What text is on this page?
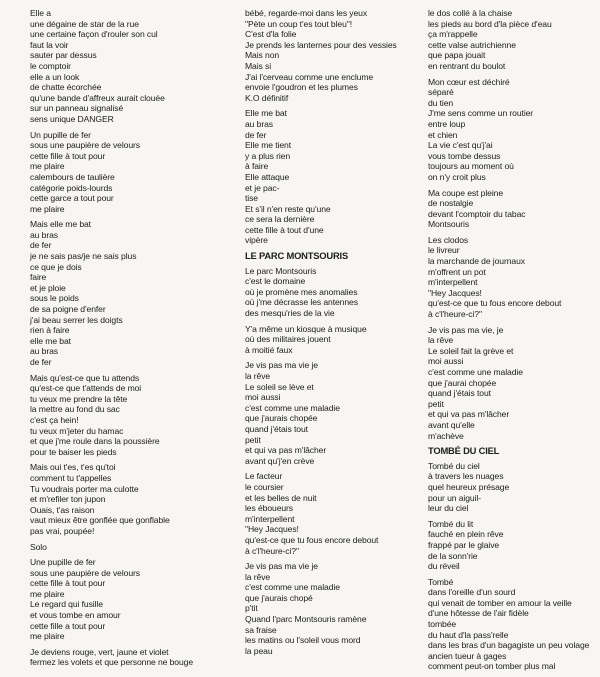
Elle a
une dégaine de star de la rue
une certaine façon d'rouler son cul
faut la voir
sauter par dessus
le comptoir
elle a un look
de chatte écorchée
qu'une bande d'affreux aurait clouée
sur un panneau signalisé
sens unique DANGER
Un pupille de fer
sous une paupière de velours
cette fille à tout pour
me plaire
calembours de taulière
catégorie poids-lourds
cette garce a tout pour
me plaire
Mais elle me bat
au bras
de fer
je ne sais pas/je ne sais plus
ce que je dois
faire
et je ploie
sous le poids
de sa poigne d'enfer
j'ai beau serrer les doigts
rien à faire
elle me bat
au bras
de fer
Mais qu'est-ce que tu attends
qu'est-ce que t'attends de moi
tu veux me prendre la tête
la mettre au fond du sac
c'est ça hein!
tu veux m'jeter du hamac
et que j'me roule dans la poussière
pour te baiser les pieds
Mais oui t'es, t'es qu'toi
comment tu t'appelles
Tu voudrais porter ma culotte
et m'refiler ton jupon
Ouais, t'as raison
vaut mieux être gonflée que gonflable
pas vrai, poupée!
Solo
Une pupille de fer
sous une paupière de velours
cette fille à tout pour
me plaire
Le regard qui fusille
et vous tombe en amour
cette fille a tout pour
me plaire
Je deviens rouge, vert, jaune et violet
fermez les volets et que personne ne bouge
bébé, regarde-moi dans les yeux
"Pète un coup t'es tout bleu"!
C'est d'la folie
Je prends les lanternes pour des vessies
Mais non
Mais si
J'ai l'cerveau comme une enclume
envoie l'goudron et les plumes
K.O définitif
Elle me bat
au bras
de fer
Elle me tient
y a plus rien
à faire
Elle attaque
et je pac-
tise
Et s'il n'en reste qu'une
ce sera la dernière
cette fille à tout d'une
vipère
LE PARC MONTSOURIS
Le parc Montsouris
c'est le domaine
où je promène mes anomalies
où j'me décrasse les antennes
des mesqu'ries de la vie
Y'a même un kiosque à musique
où des militaires jouent
à moitié faux
Je vis pas ma vie je
la rêve
Le soleil se lève et
moi aussi
c'est comme une maladie
que j'aurais chopée
quand j'étais tout
petit
et qui va pas m'lâcher
avant qu'j'en crève
Le facteur
le coursier
et les belles de nuit
les éboueurs
m'interpellent
"Hey Jacques!
qu'est-ce que tu fous encore debout
à c'l'heure-ci?"
Je vis pas ma vie je
la rêve
c'est comme une maladie
que j'aurais chopé
p'tit
Quand l'parc Montsouris ramène
sa fraise
les matins ou l'soleil vous mord
la peau
le dos collé à la chaise
les pieds au bord d'la pièce d'eau
ça m'rappelle
cette valse autrichienne
que papa jouait
en rentrant du boulot
Mon cœur est déchiré
séparé
du tien
J'me sens comme un routier
entre loup
et chien
La vie c'est qu'j'ai
vous tombe dessus
toujours au moment où
on n'y croit plus
Ma coupe est pleine
de nostalgie
devant l'comptoir du tabac
Montsouris
Les clodos
le livreur
la marchande de journaux
m'offrent un pot
m'interpellent
"Hey Jacques!
qu'est-ce que tu fous encore debout
à c'l'heure-ci?"
Je vis pas ma vie, je
la rêve
Le soleil fait la grève et
moi aussi
c'est comme une maladie
que j'aurai chopée
quand j'étais tout
petit
et qui va pas m'lâcher
avant qu'elle
m'achève
TOMBÉ DU CIEL
Tombé du ciel
à travers les nuages
quel heureux présage
pour un aiguil-
leur du ciel
Tombé du lit
fauché en plein rêve
frappé par le glaive
de la sonn'rie
du réveil
Tombé
dans l'oreille d'un sourd
qui venait de tomber en amour la veille
d'une hôtesse de l'air fidèle
tombée
du haut d'la pass'relle
dans les bras d'un bagagiste un peu volage
ancien tueur à gages
comment peut-on tomber plus mal
